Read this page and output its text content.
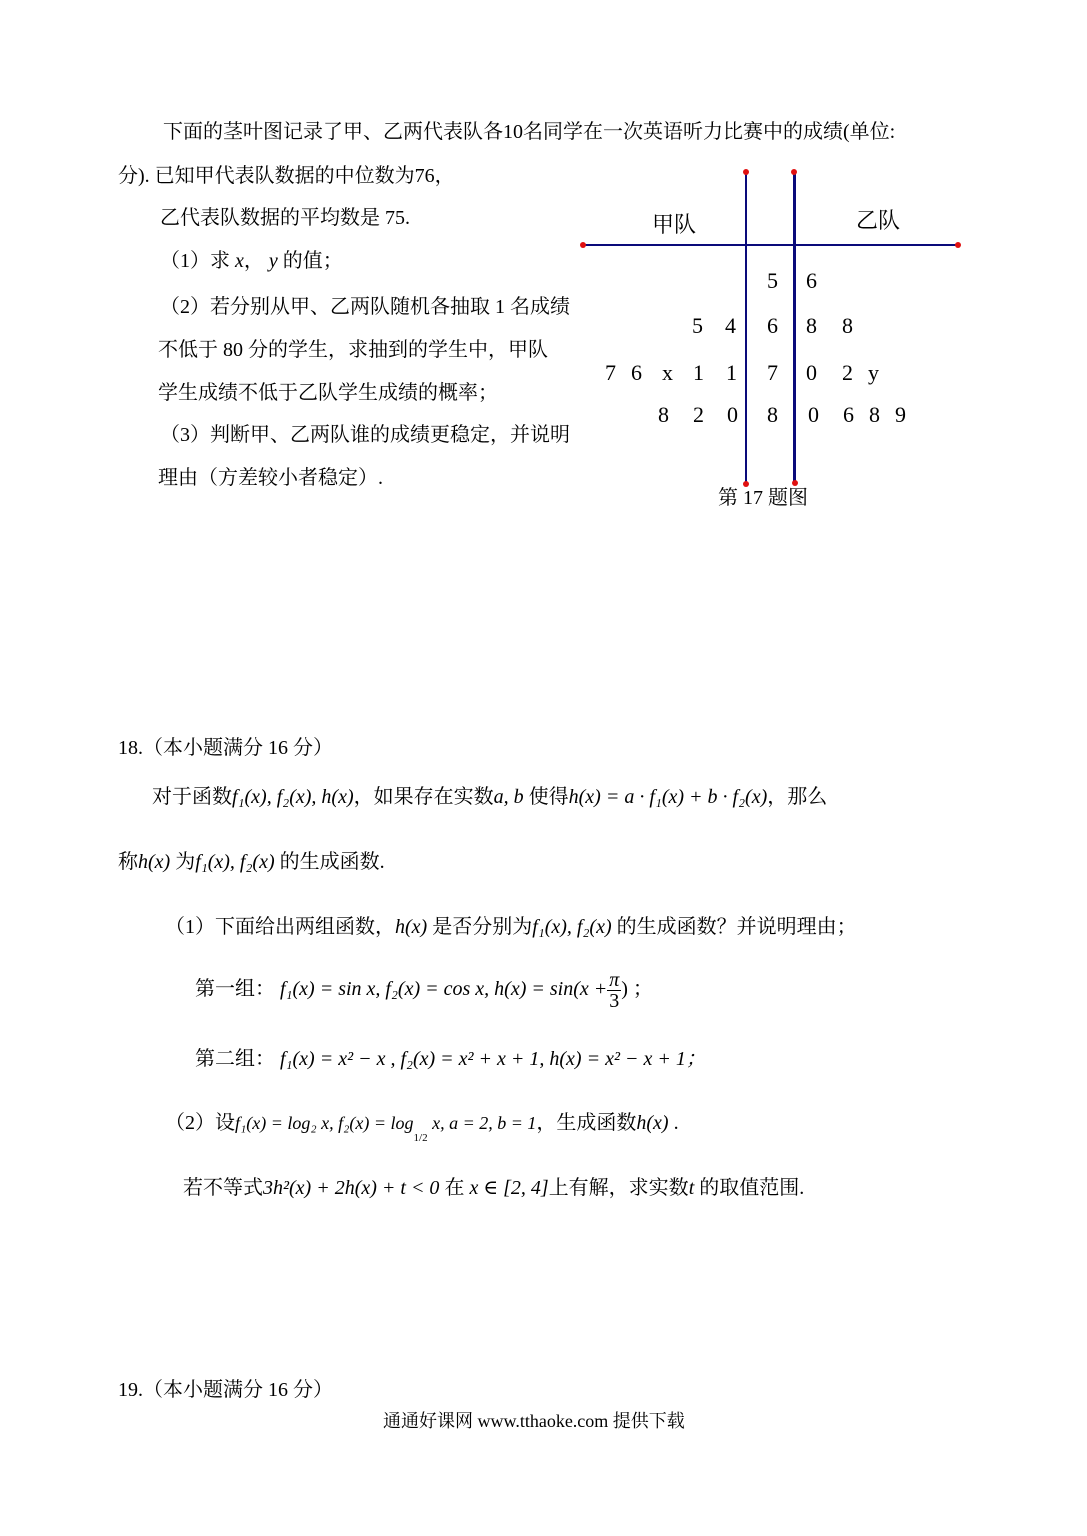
下面的茎叶图记录了甲、乙两代表队各10名同学在一次英语听力比赛中的成绩(单位:
分). 已知甲代表队数据的中位数为76，
乙代表队数据的平均数是 75.
（1）求 x， y 的值；
（2）若分别从甲、乙两队随机各抽取 1 名成绩
不低于 80 分的学生，求抽到的学生中，甲队
学生成绩不低于乙队学生成绩的概率；
（3）判断甲、乙两队谁的成绩更稳定，并说明
理由（方差较小者稳定）.
甲队	乙队
5 6
5 4 6 8 8
7 6 x 1 1 7 0 2 y
8 2 0 8 0 6 8 9
第 17 题图
18.（本小题满分 16 分）
对于函数f₁(x), f₂(x), h(x)，如果存在实数a, b 使得h(x) = a · f₁(x) + b · f₂(x)，那么
称h(x) 为f₁(x), f₂(x) 的生成函数.
（1）下面给出两组函数，h(x) 是否分别为f₁(x), f₂(x) 的生成函数？并说明理由；
第一组： f₁(x) = sin x, f₂(x) = cos x, $h(x) = \sin(x + \frac{\pi}{3}$ ) ；
第二组： f₁(x) = x² − x , f₂(x) = x² + x + 1, h(x) = x² − x + 1；
（2）设f₁(x) = log₂ x, $f_2(x) = \log_{1/2} x$, a = 2, b = 1，生成函数h(x) .
若不等式3h²(x) + 2h(x) + t < 0 在 x ∈ [2, 4]上有解，求实数t 的取值范围.
19.（本小题满分 16 分）
通通好课网 www.tthaoke.com 提供下载
